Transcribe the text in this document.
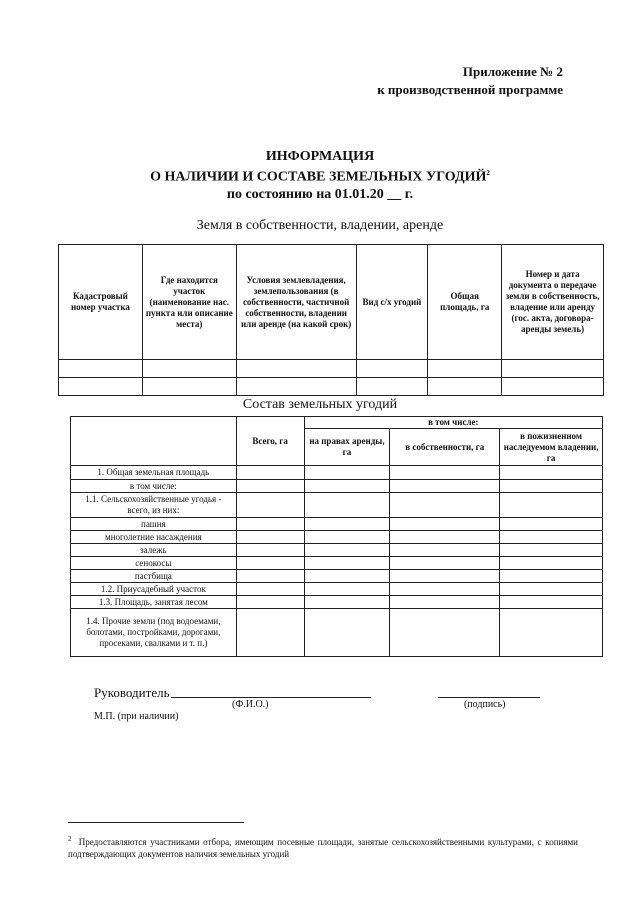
Приложение № 2
к производственной программе
ИНФОРМАЦИЯ
О НАЛИЧИИ И СОСТАВЕ ЗЕМЕЛЬНЫХ УГОДИЙ$^2$
по состоянию на 01.01.20 __ г.
Земля в собственности, владении, аренде
Кадастровый номер участка	Где находится участок (наименование нас. пункта или описание места)	Условия землевладения, землепользования (в собственности, частичной собственности, владении или аренде (на какой срок)	Вид с/х угодий	Общая площадь, га	Номер и дата документа о передаче земли в собственность, владение или аренду (гос. акта, договора-аренды земель)

Состав земельных угодий
	Всего, га	в том числе:		
		на правах аренды, га	в собственности, га	в пожизненном наследуемом владении, га
1. Общая земельная площадь				
в том числе:				
1.1. Сельскохозяйственные угодья - всего, из них:				
пашня				
многолетние насаждения				
залежь				
сенокосы				
пастбища				
1.2. Приусадебный участок				
1.3. Площадь, занятая лесом				
1.4. Прочие земли (под водоемами, болотами, постройками, дорогами, просеками, свалками и т. п.)				
Руководитель
(Ф.И.О.)	(подпись)
М.П. (при наличии)
$^2$ Предоставляются участниками отбора, имеющим посевные площади, занятые сельскохозяйственными культурами, с копиями подтверждающих документов наличия земельных угодий
